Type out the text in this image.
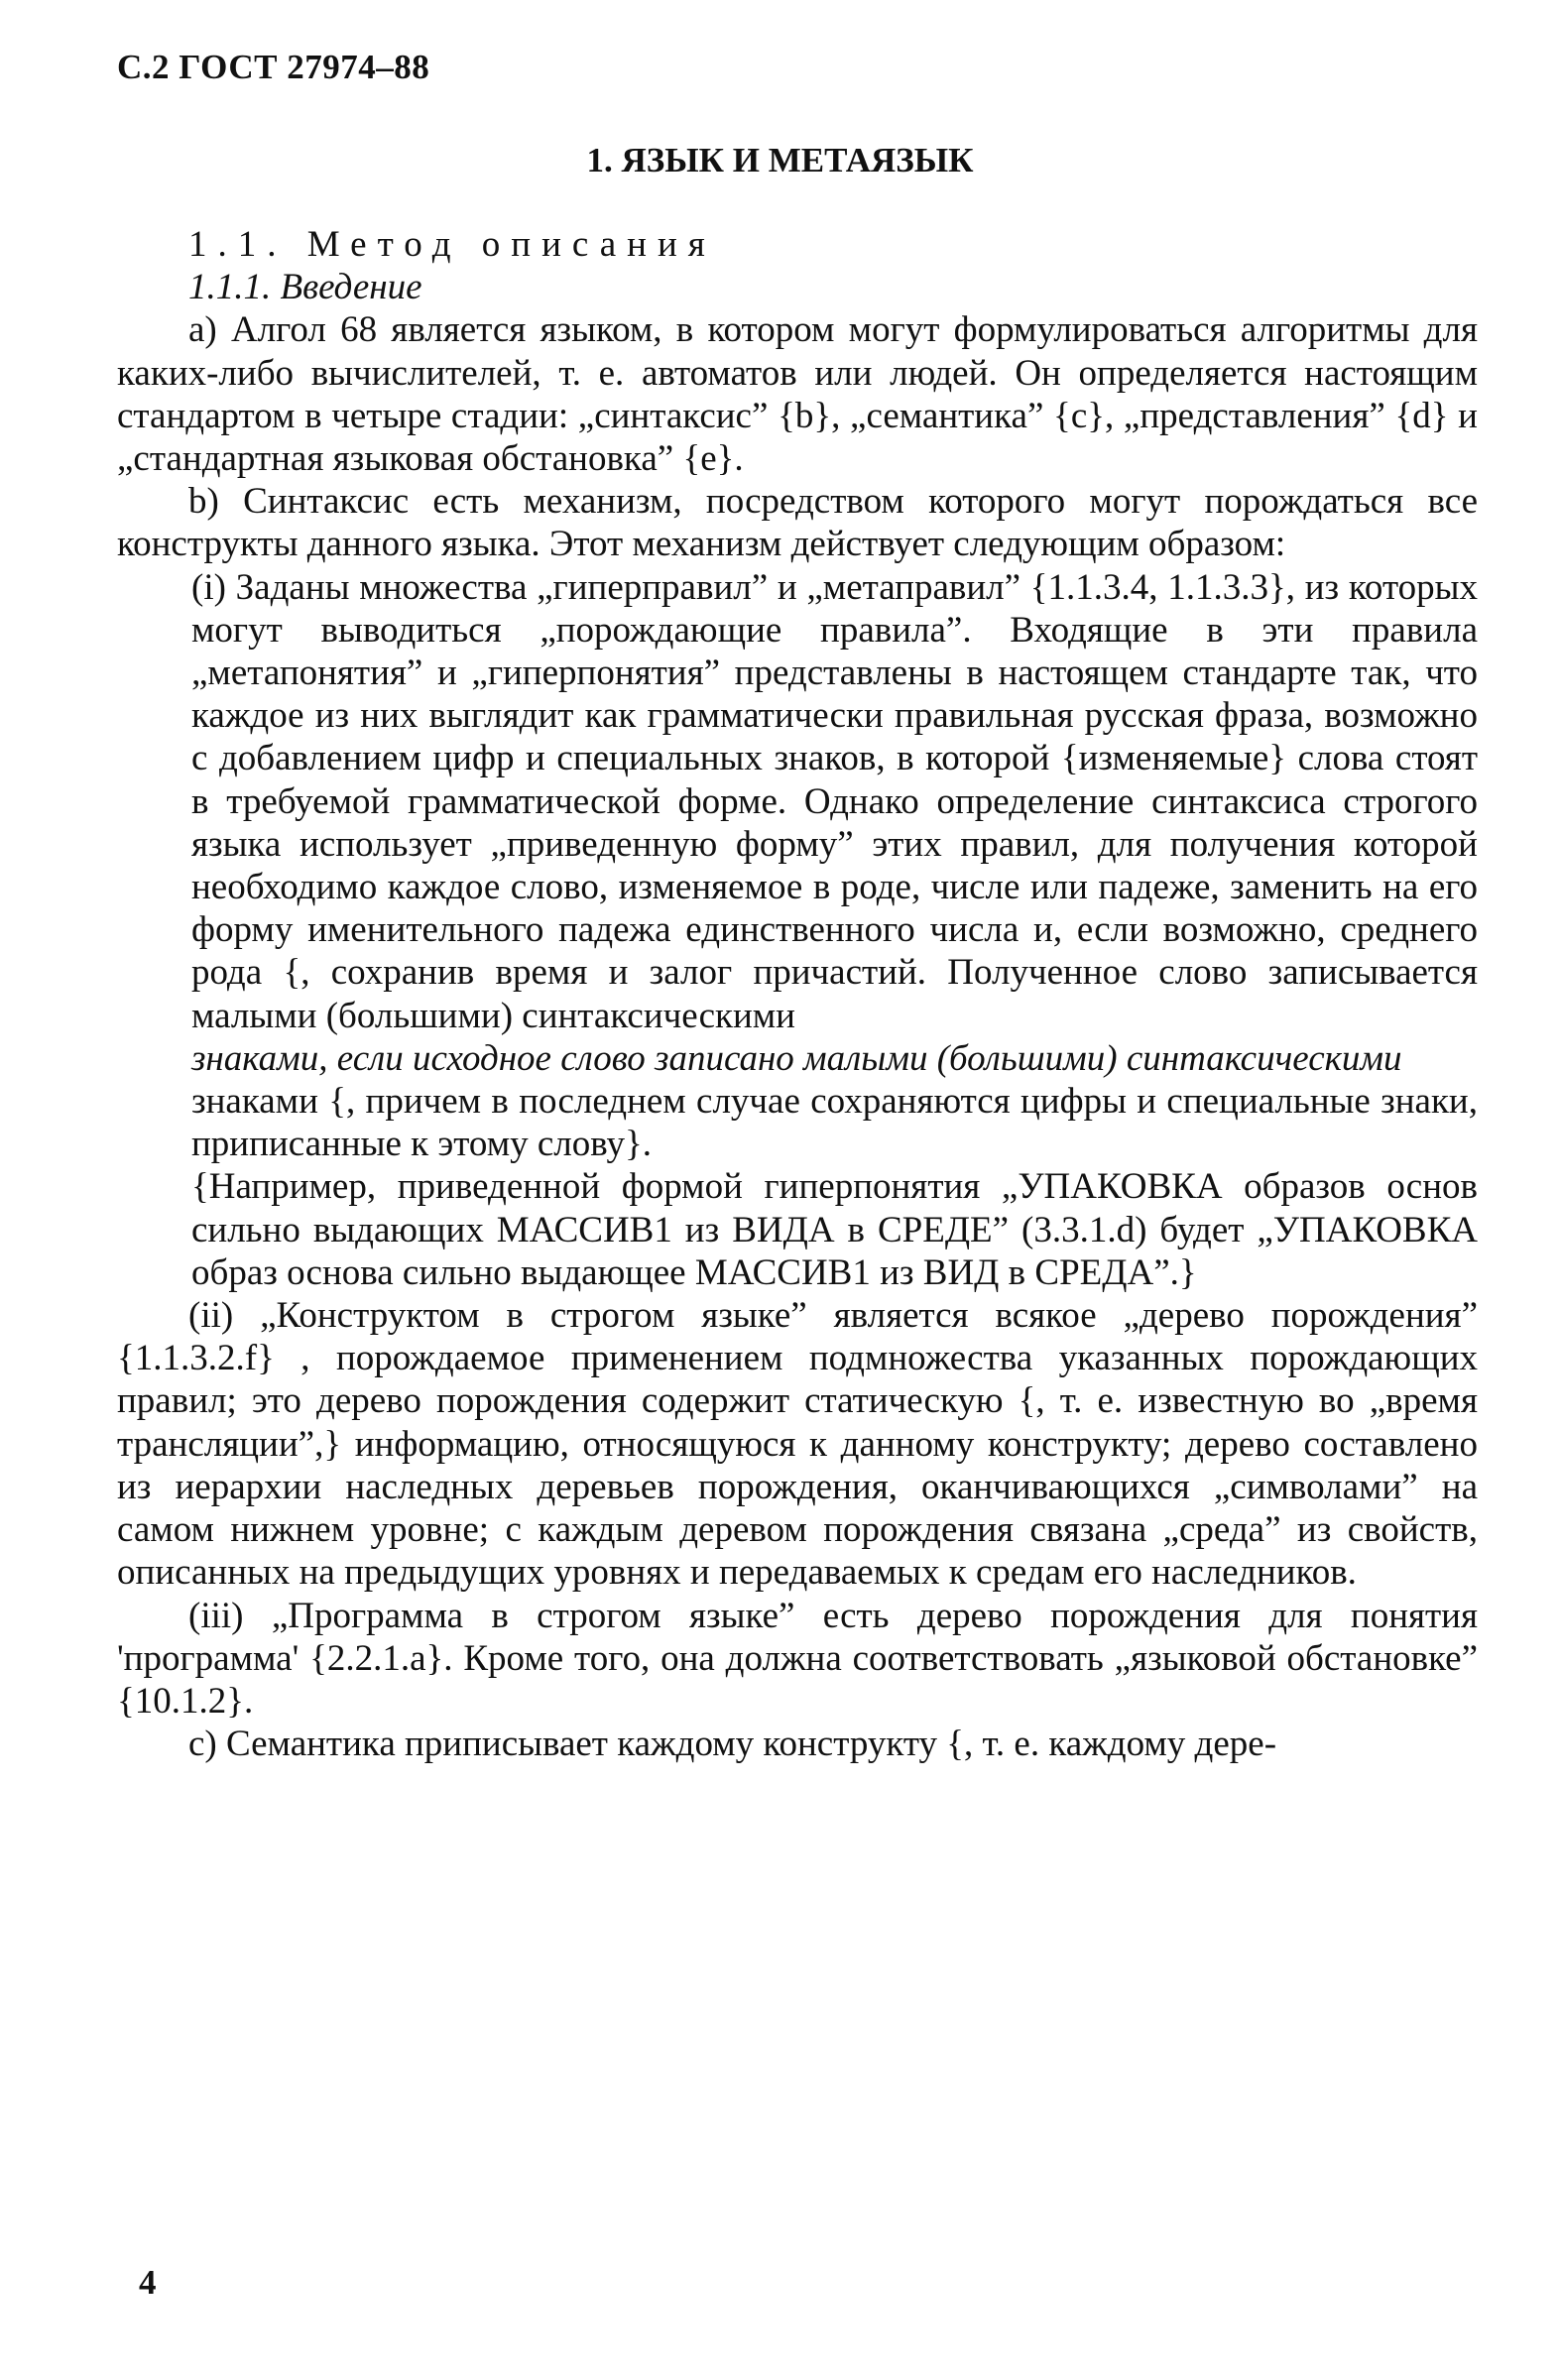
С.2 ГОСТ 27974–88
1. ЯЗЫК И МЕТАЯЗЫК

1.1. Метод описания

1.1.1. Введение

a) Алгол 68 является языком, в котором могут формулироваться алгоритмы для каких-либо вычислителей, т. е. автоматов или людей. Он определяется настоящим стандартом в четыре стадии: „синтаксис” {b}, „семантика” {c}, „представления” {d} и „стандартная языковая обстановка” {e}.

b) Синтаксис есть механизм, посредством которого могут порождаться все конструкты данного языка. Этот механизм действует следующим образом:

(i) Заданы множества „гиперправил” и „метаправил” {1.1.3.4, 1.1.3.3}, из которых могут выводиться „порождающие правила”. Входящие в эти правила „метапонятия” и „гиперпонятия” представлены в настоящем стандарте так, что каждое из них выглядит как грамматически правильная русская фраза, возможно с добавлением цифр и специальных знаков, в которой {изменяемые} слова стоят в требуемой грамматической форме. Однако определение синтаксиса строгого языка использует „приведенную форму” этих правил, для получения которой необходимо каждое слово, изменяемое в роде, числе или падеже, заменить на его форму именительного падежа единственного числа и, если возможно, среднего рода {, сохранив время и залог причастий. Полученное слово записывается малыми (большими) синтаксическими

знаками, если исходное слово записано малыми (большими) синтаксическими

знаками {, причем в последнем случае сохраняются цифры и специальные знаки, приписанные к этому слову}.

{Например, приведенной формой гиперпонятия „УПАКОВКА образов основ сильно выдающих МАССИВ1 из ВИДА в СРЕДЕ” (3.3.1.d) будет „УПАКОВКА образ основа сильно выдающее МАССИВ1 из ВИД в СРЕДА”.}

(ii) „Конструктом в строгом языке” является всякое „дерево порождения” {1.1.3.2.f} , порождаемое применением подмножества указанных порождающих правил; это дерево порождения содержит статическую {, т. е. известную во „время трансляции”,} информацию, относящуюся к данному конструкту; дерево составлено из иерархии наследных деревьев порождения, оканчивающихся „символами” на самом нижнем уровне; с каждым деревом порождения связана „среда” из свойств, описанных на предыдущих уровнях и передаваемых к средам его наследников.

(iii) „Программа в строгом языке” есть дерево порождения для понятия 'программа' {2.2.1.a}. Кроме того, она должна соответствовать „языковой обстановке” {10.1.2}.

c) Семантика приписывает каждому конструкту {, т. е. каждому дере-

4
